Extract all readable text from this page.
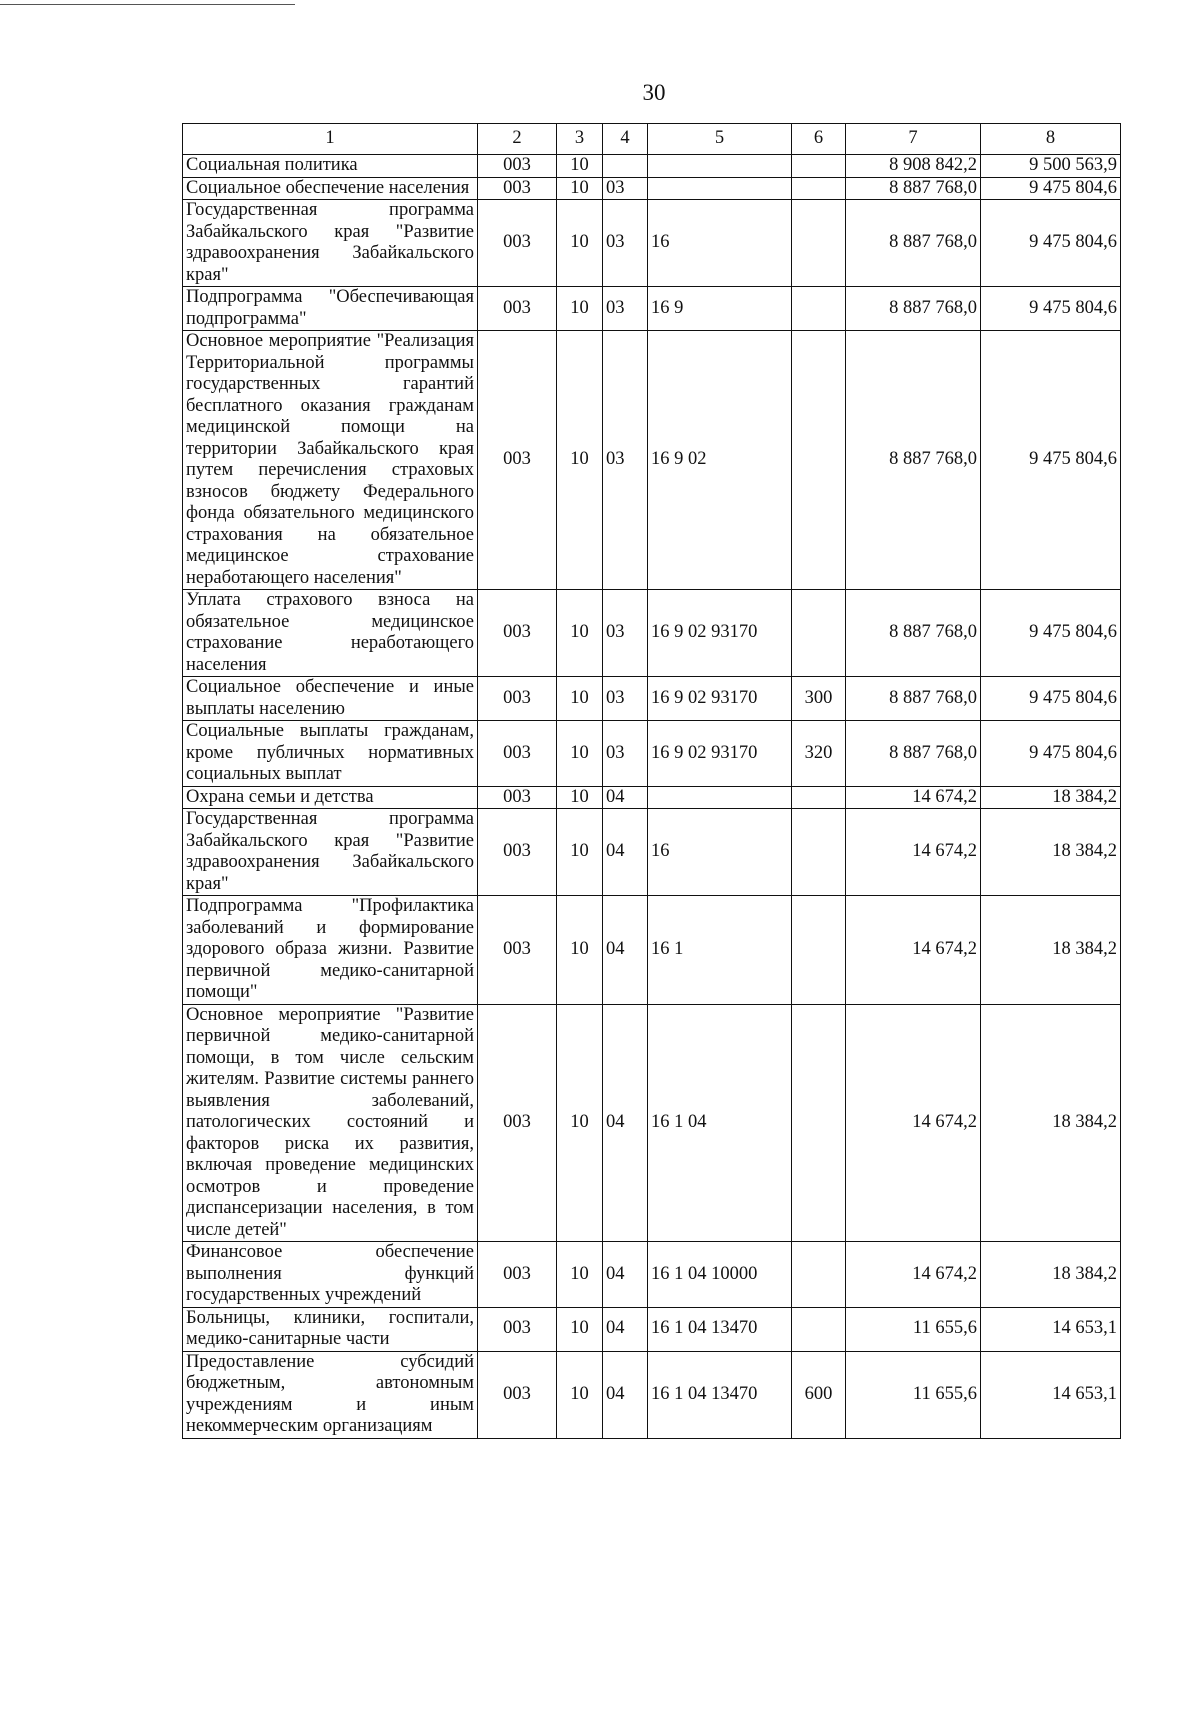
30
1	2	3	4	5	6	7	8
Социальная политика	003	10				8 908 842,2	9 500 563,9
Социальное обеспечение населения	003	10	03			8 887 768,0	9 475 804,6
Государственная программа Забайкальского края "Развитие здравоохранения Забайкальского края"	003	10	03	16		8 887 768,0	9 475 804,6
Подпрограмма "Обеспечивающая подпрограмма"	003	10	03	16 9		8 887 768,0	9 475 804,6
Основное мероприятие "Реализация Территориальной программы государственных гарантий бесплатного оказания гражданам медицинской помощи на территории Забайкальского края путем перечисления страховых взносов бюджету Федерального фонда обязательного медицинского страхования на обязательное медицинское страхование неработающего населения"	003	10	03	16 9 02		8 887 768,0	9 475 804,6
Уплата страхового взноса на обязательное медицинское страхование неработающего населения	003	10	03	16 9 02 93170		8 887 768,0	9 475 804,6
Социальное обеспечение и иные выплаты населению	003	10	03	16 9 02 93170	300	8 887 768,0	9 475 804,6
Социальные выплаты гражданам, кроме публичных нормативных социальных выплат	003	10	03	16 9 02 93170	320	8 887 768,0	9 475 804,6
Охрана семьи и детства	003	10	04			14 674,2	18 384,2
Государственная программа Забайкальского края "Развитие здравоохранения Забайкальского края"	003	10	04	16		14 674,2	18 384,2
Подпрограмма "Профилактика заболеваний и формирование здорового образа жизни. Развитие первичной медико-санитарной помощи"	003	10	04	16 1		14 674,2	18 384,2
Основное мероприятие "Развитие первичной медико-санитарной помощи, в том числе сельским жителям. Развитие системы раннего выявления заболеваний, патологических состояний и факторов риска их развития, включая проведение медицинских осмотров и проведение диспансеризации населения, в том числе детей"	003	10	04	16 1 04		14 674,2	18 384,2
Финансовое обеспечение выполнения функций государственных учреждений	003	10	04	16 1 04 10000		14 674,2	18 384,2
Больницы, клиники, госпитали, медико-санитарные части	003	10	04	16 1 04 13470		11 655,6	14 653,1
Предоставление субсидий бюджетным, автономным учреждениям и иным некоммерческим организациям	003	10	04	16 1 04 13470	600	11 655,6	14 653,1
